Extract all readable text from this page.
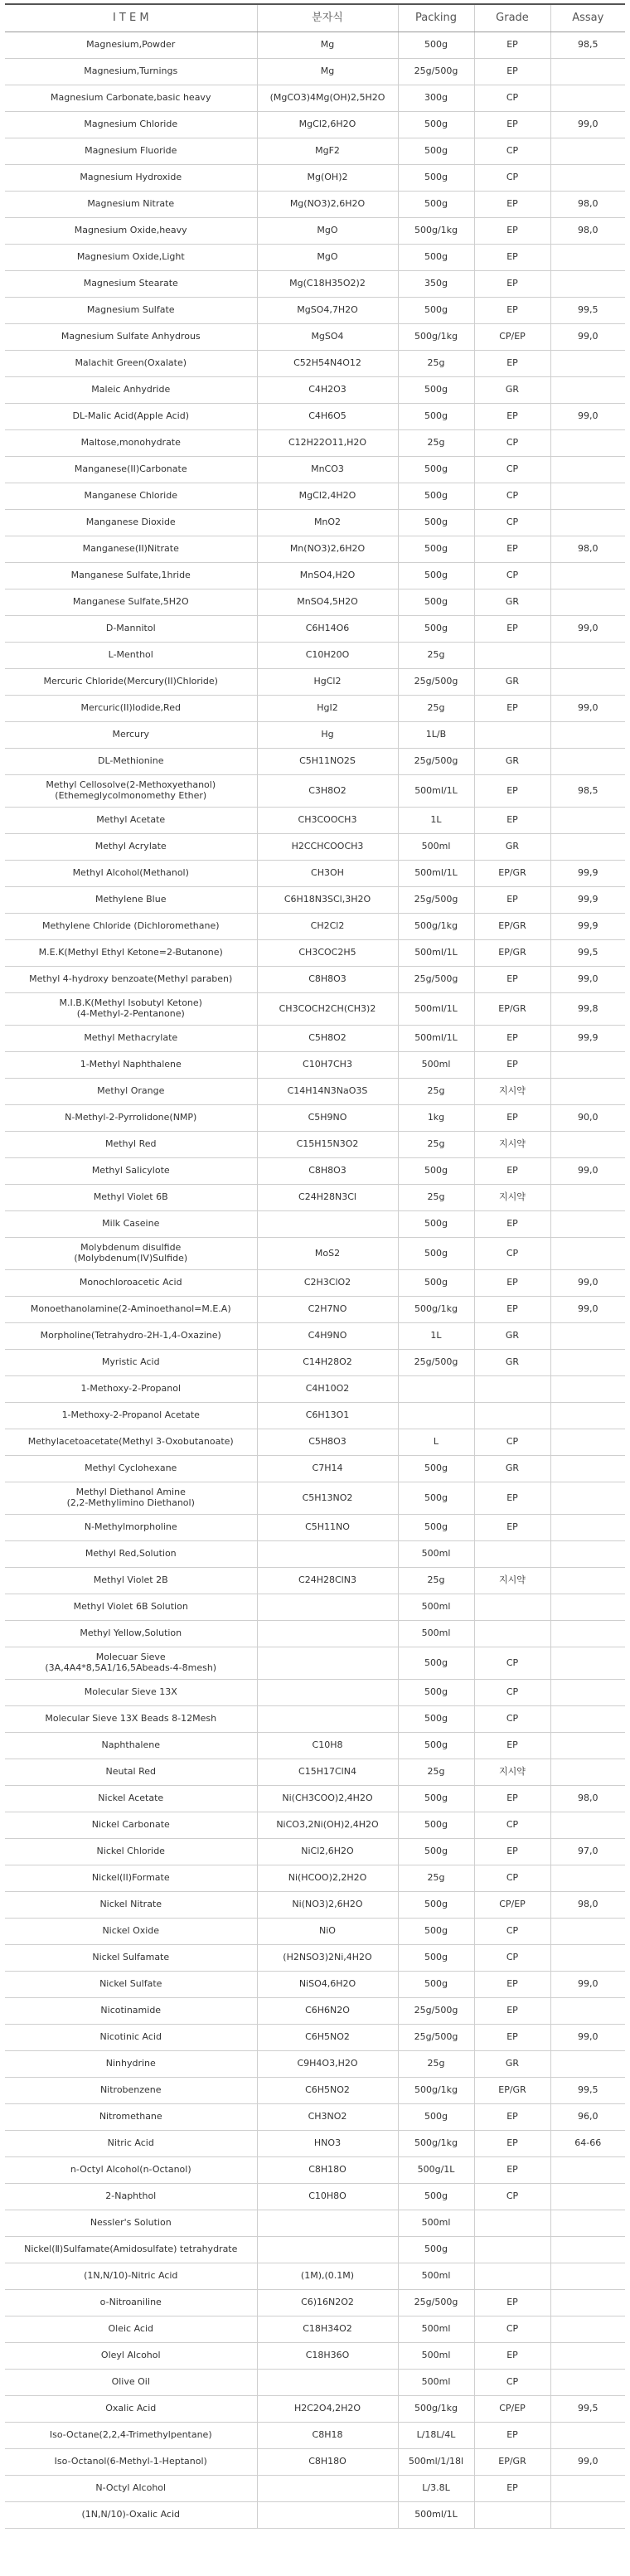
I T E M	분자식	Packing	Grade	Assay
Magnesium,Powder	Mg	500g	EP	98,5
Magnesium,Turnings	Mg	25g/500g	EP	
Magnesium Carbonate,basic heavy	(MgCO3)4Mg(OH)2,5H2O	300g	CP	
Magnesium Chloride	MgCl2,6H2O	500g	EP	99,0
Magnesium Fluoride	MgF2	500g	CP	
Magnesium Hydroxide	Mg(OH)2	500g	CP	
Magnesium Nitrate	Mg(NO3)2,6H2O	500g	EP	98,0
Magnesium Oxide,heavy	MgO	500g/1kg	EP	98,0
Magnesium Oxide,Light	MgO	500g	EP	
Magnesium Stearate	Mg(C18H35O2)2	350g	EP	
Magnesium Sulfate	MgSO4,7H2O	500g	EP	99,5
Magnesium Sulfate Anhydrous	MgSO4	500g/1kg	CP/EP	99,0
Malachit Green(Oxalate)	C52H54N4O12	25g	EP	
Maleic Anhydride	C4H2O3	500g	GR	
DL-Malic Acid(Apple Acid)	C4H6O5	500g	EP	99,0
Maltose,monohydrate	C12H22O11,H2O	25g	CP	
Manganese(II)Carbonate	MnCO3	500g	CP	
Manganese Chloride	MgCl2,4H2O	500g	CP	
Manganese Dioxide	MnO2	500g	CP	
Manganese(II)Nitrate	Mn(NO3)2,6H2O	500g	EP	98,0
Manganese Sulfate,1hride	MnSO4,H2O	500g	CP	
Manganese Sulfate,5H2O	MnSO4,5H2O	500g	GR	
D-Mannitol	C6H14O6	500g	EP	99,0
L-Menthol	C10H20O	25g		
Mercuric Chloride(Mercury(II)Chloride)	HgCl2	25g/500g	GR	
Mercuric(II)Iodide,Red	HgI2	25g	EP	99,0
Mercury	Hg	1L/B		
DL-Methionine	C5H11NO2S	25g/500g	GR	
Methyl Cellosolve(2-Methoxyethanol)
(Ethemeglycolmonomethy Ether)	C3H8O2	500ml/1L	EP	98,5
Methyl Acetate	CH3COOCH3	1L	EP	
Methyl Acrylate	H2CCHCOOCH3	500ml	GR	
Methyl Alcohol(Methanol)	CH3OH	500ml/1L	EP/GR	99,9
Methylene Blue	C6H18N3SCl,3H2O	25g/500g	EP	99,9
Methylene Chloride (Dichloromethane)	CH2Cl2	500g/1kg	EP/GR	99,9
M.E.K(Methyl Ethyl Ketone=2-Butanone)	CH3COC2H5	500ml/1L	EP/GR	99,5
Methyl 4-hydroxy benzoate(Methyl paraben)	C8H8O3	25g/500g	EP	99,0
M.I.B.K(Methyl Isobutyl Ketone)
(4-Methyl-2-Pentanone)	CH3COCH2CH(CH3)2	500ml/1L	EP/GR	99,8
Methyl Methacrylate	C5H8O2	500ml/1L	EP	99,9
1-Methyl Naphthalene	C10H7CH3	500ml	EP	
Methyl Orange	C14H14N3NaO3S	25g	지시약	
N-Methyl-2-Pyrrolidone(NMP)	C5H9NO	1kg	EP	90,0
Methyl Red	C15H15N3O2	25g	지시약	
Methyl Salicylote	C8H8O3	500g	EP	99,0
Methyl Violet 6B	C24H28N3Cl	25g	지시약	
Milk Caseine		500g	EP	
Molybdenum disulfide
(Molybdenum(IV)Sulfide)	MoS2	500g	CP	
Monochloroacetic Acid	C2H3ClO2	500g	EP	99,0
Monoethanolamine(2-Aminoethanol=M.E.A)	C2H7NO	500g/1kg	EP	99,0
Morpholine(Tetrahydro-2H-1,4-Oxazine)	C4H9NO	1L	GR	
Myristic Acid	C14H28O2	25g/500g	GR	
1-Methoxy-2-Propanol	C4H10O2			
1-Methoxy-2-Propanol Acetate	C6H13O1			
Methylacetoacetate(Methyl 3-Oxobutanoate)	C5H8O3	L	CP	
Methyl Cyclohexane	C7H14	500g	GR	
Methyl Diethanol Amine
(2,2-Methylimino Diethanol)	C5H13NO2	500g	EP	
N-Methylmorpholine	C5H11NO	500g	EP	
Methyl Red,Solution		500ml		
Methyl Violet 2B	C24H28ClN3	25g	지시약	
Methyl Violet 6B Solution		500ml		
Methyl Yellow,Solution		500ml		
Molecuar Sieve
(3A,4A4*8,5A1/16,5Abeads-4-8mesh)		500g	CP	
Molecular Sieve 13X		500g	CP	
Molecular Sieve 13X Beads 8-12Mesh		500g	CP	
Naphthalene	C10H8	500g	EP	
Neutal Red	C15H17ClN4	25g	지시약	
Nickel Acetate	Ni(CH3COO)2,4H2O	500g	EP	98,0
Nickel Carbonate	NiCO3,2Ni(OH)2,4H2O	500g	CP	
Nickel Chloride	NiCl2,6H2O	500g	EP	97,0
Nickel(II)Formate	Ni(HCOO)2,2H2O	25g	CP	
Nickel Nitrate	Ni(NO3)2,6H2O	500g	CP/EP	98,0
Nickel Oxide	NiO	500g	CP	
Nickel Sulfamate	(H2NSO3)2Ni,4H2O	500g	CP	
Nickel Sulfate	NiSO4,6H2O	500g	EP	99,0
Nicotinamide	C6H6N2O	25g/500g	EP	
Nicotinic Acid	C6H5NO2	25g/500g	EP	99,0
Ninhydrine	C9H4O3,H2O	25g	GR	
Nitrobenzene	C6H5NO2	500g/1kg	EP/GR	99,5
Nitromethane	CH3NO2	500g	EP	96,0
Nitric Acid	HNO3	500g/1kg	EP	64-66
n-Octyl Alcohol(n-Octanol)	C8H18O	500g/1L	EP	
2-Naphthol	C10H8O	500g	CP	
Nessler's Solution		500ml		
Nickel(Ⅱ)Sulfamate(Amidosulfate) tetrahydrate		500g		
(1N,N/10)-Nitric Acid	(1M),(0.1M)	500ml		
o-Nitroaniline	C6)16N2O2	25g/500g	EP	
Oleic Acid	C18H34O2	500ml	CP	
Oleyl Alcohol	C18H36O	500ml	EP	
Olive Oil		500ml	CP	
Oxalic Acid	H2C2O4,2H2O	500g/1kg	CP/EP	99,5
Iso-Octane(2,2,4-Trimethylpentane)	C8H18	L/18L/4L	EP	
Iso-Octanol(6-Methyl-1-Heptanol)	C8H18O	500ml/1/18l	EP/GR	99,0
N-Octyl Alcohol		L/3.8L	EP	
(1N,N/10)-Oxalic Acid		500ml/1L		
